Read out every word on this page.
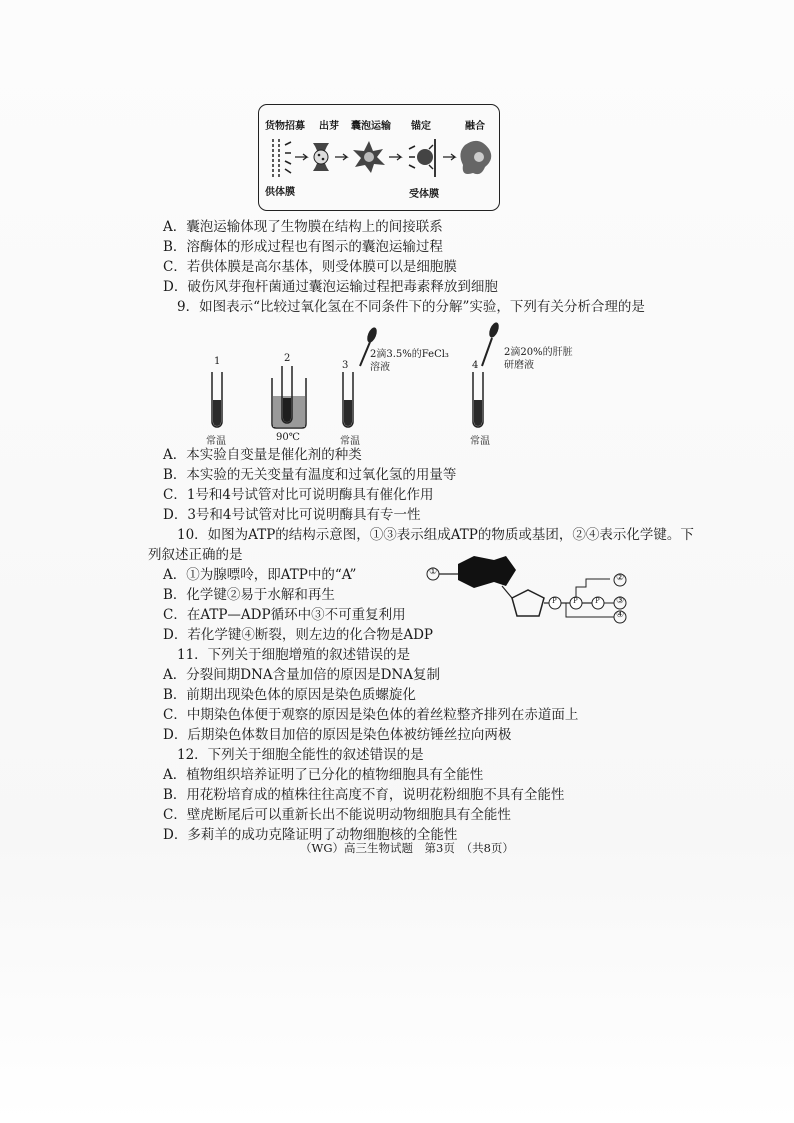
货物招募 出芽 囊泡运输 锚定	融合
供体膜	受体膜
A．囊泡运输体现了生物膜在结构上的间接联系
B．溶酶体的形成过程也有图示的囊泡运输过程
C．若供体膜是高尔基体，则受体膜可以是细胞膜
D．破伤风芽孢杆菌通过囊泡运输过程把毒素释放到细胞
9．如图表示“比较过氧化氢在不同条件下的分解”实验，下列有关分析合理的是
1	2
3	4
2滴3.5%的FeCl₃
溶液
2滴20%的肝脏
研磨液
常温	90℃	常温	常温
A．本实验自变量是催化剂的种类
B．本实验的无关变量有温度和过氧化氢的用量等
C．1号和4号试管对比可说明酶具有催化作用
D．3号和4号试管对比可说明酶具有专一性
10．如图为ATP的结构示意图，①③表示组成ATP的物质或基团，②④表示化学键。下
列叙述正确的是
A．①为腺嘌呤，即ATP中的“A”
B．化学键②易于水解和再生
C．在ATP—ADP循环中③不可重复利用
D．若化学键④断裂，则左边的化合物是ADP
①
②
③
④
P P P
11．下列关于细胞增殖的叙述错误的是
A．分裂间期DNA含量加倍的原因是DNA复制
B．前期出现染色体的原因是染色质螺旋化
C．中期染色体便于观察的原因是染色体的着丝粒整齐排列在赤道面上
D．后期染色体数目加倍的原因是染色体被纺锤丝拉向两极
12．下列关于细胞全能性的叙述错误的是
A．植物组织培养证明了已分化的植物细胞具有全能性
B．用花粉培育成的植株往往高度不育，说明花粉细胞不具有全能性
C．壁虎断尾后可以重新长出不能说明动物细胞具有全能性
D．多莉羊的成功克隆证明了动物细胞核的全能性
（WG）高三生物试题　第3页　（共8页）
